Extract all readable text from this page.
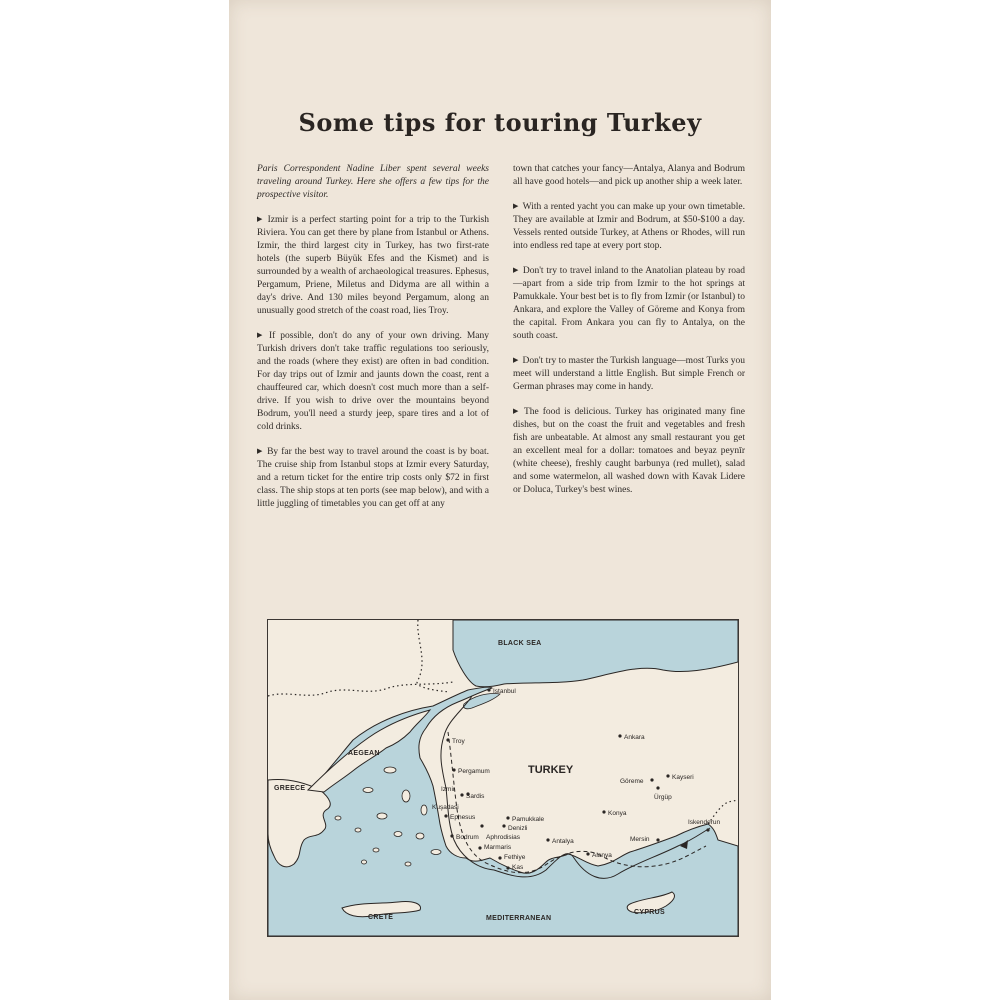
Some tips for touring Turkey

Paris Correspondent Nadine Liber spent several weeks traveling around Turkey. Here she offers a few tips for the prospective visitor.

▶ Izmir is a perfect starting point for a trip to the Turkish Riviera. You can get there by plane from Istanbul or Athens. Izmir, the third largest city in Turkey, has two first-rate hotels (the superb Büyük Efes and the Kismet) and is surrounded by a wealth of archaeological treasures. Ephesus, Pergamum, Priene, Miletus and Didyma are all within a day's drive. And 130 miles beyond Pergamum, along an unusually good stretch of the coast road, lies Troy.

▶ If possible, don't do any of your own driving. Many Turkish drivers don't take traffic regulations too seriously, and the roads (where they exist) are often in bad condition. For day trips out of Izmir and jaunts down the coast, rent a chauffeured car, which doesn't cost much more than a self-drive. If you wish to drive over the mountains beyond Bodrum, you'll need a sturdy jeep, spare tires and a lot of cold drinks.

▶ By far the best way to travel around the coast is by boat. The cruise ship from Istanbul stops at Izmir every Saturday, and a return ticket for the entire trip costs only $72 in first class. The ship stops at ten ports (see map below), and with a little juggling of timetables you can get off at any

town that catches your fancy—Antalya, Alanya and Bodrum all have good hotels—and pick up another ship a week later.

▶ With a rented yacht you can make up your own timetable. They are available at Izmir and Bodrum, at $50-$100 a day. Vessels rented outside Turkey, at Athens or Rhodes, will run into endless red tape at every port stop.

▶ Don't try to travel inland to the Anatolian plateau by road—apart from a side trip from Izmir to the hot springs at Pamukkale. Your best bet is to fly from Izmir (or Istanbul) to Ankara, and explore the Valley of Göreme and Konya from the capital. From Ankara you can fly to Antalya, on the south coast.

▶ Don't try to master the Turkish language—most Turks you meet will understand a little English. But simple French or German phrases may come in handy.

▶ The food is delicious. Turkey has originated many fine dishes, but on the coast the fruit and vegetables and fresh fish are unbeatable. At almost any small restaurant you get an excellent meal for a dollar: tomatoes and beyaz peynīr (white cheese), freshly caught barbunya (red mullet), salad and some watermelon, all washed down with Kavak Lidere or Doluca, Turkey's best wines.

BLACK SEA
AEGEAN
MEDITERRANEAN
TURKEY
GREECE
CRETE
CYPRUS
Istanbul
Troy
Pergamum
Izmir
Sardis
Kuşadasi
Ephesus	Pamukkale
Denizli
Bodrum Aphrodisias
Marmaris
Fethiye
Kas
Antalya
Alanya
Mersin
Iskenderun
Ankara
Göreme
Kayseri
Ürgüp
Konya
